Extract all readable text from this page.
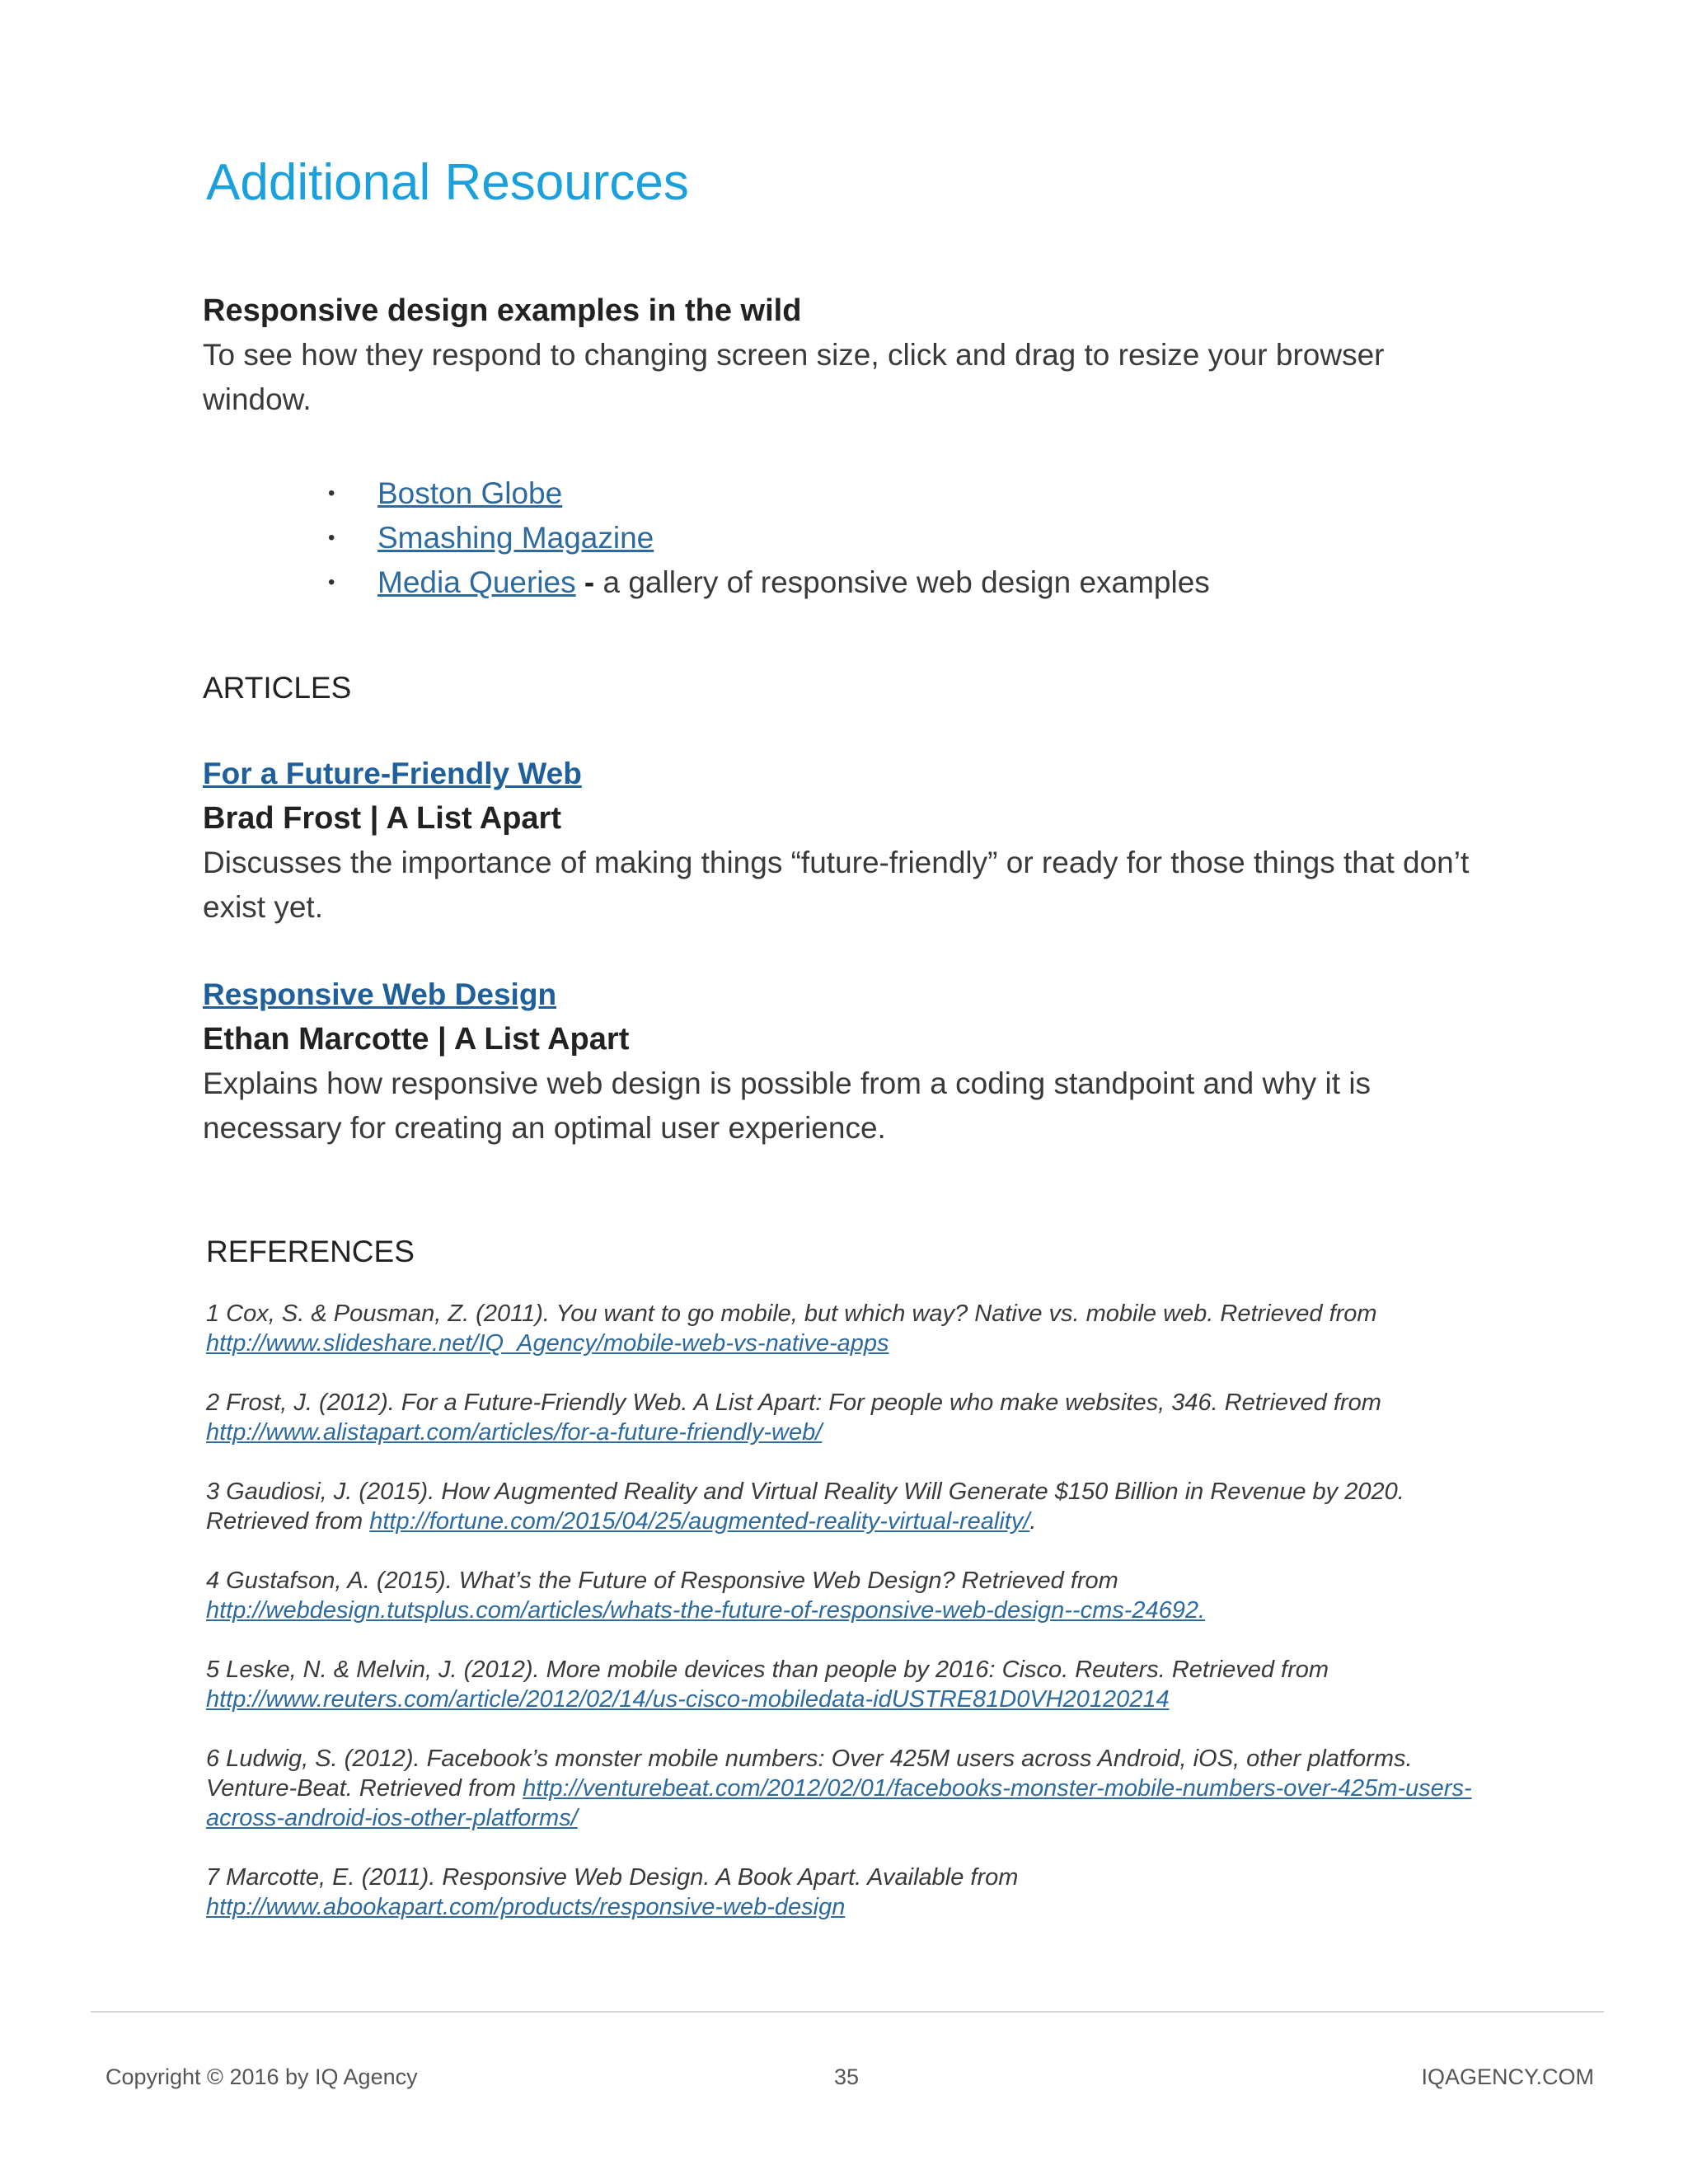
Additional Resources

Responsive design examples in the wild

To see how they respond to changing screen size, click and drag to resize your browser window.

• Boston Globe
• Smashing Magazine
• Media Queries - a gallery of responsive web design examples
ARTICLES

For a Future-Friendly Web

Brad Frost | A List Apart

Discusses the importance of making things “future-friendly” or ready for those things that don’t exist yet.

Responsive Web Design

Ethan Marcotte | A List Apart

Explains how responsive web design is possible from a coding standpoint and why it is necessary for creating an optimal user experience.

REFERENCES

1 Cox, S. & Pousman, Z. (2011). You want to go mobile, but which way? Native vs. mobile web. Retrieved from http://www.slideshare.net/IQ_Agency/mobile-web-vs-native-apps

2 Frost, J. (2012). For a Future-Friendly Web. A List Apart: For people who make websites, 346. Retrieved from http://www.alistapart.com/articles/for-a-future-friendly-web/

3 Gaudiosi, J. (2015). How Augmented Reality and Virtual Reality Will Generate $150 Billion in Revenue by 2020. Retrieved from http://fortune.com/2015/04/25/augmented-reality-virtual-reality/.

4 Gustafson, A. (2015). What’s the Future of Responsive Web Design? Retrieved from http://webdesign.tutsplus.com/articles/whats-the-future-of-responsive-web-design--cms-24692.

5 Leske, N. & Melvin, J. (2012). More mobile devices than people by 2016: Cisco. Reuters. Retrieved from http://www.reuters.com/article/2012/02/14/us-cisco-mobiledata-idUSTRE81D0VH20120214

6 Ludwig, S. (2012). Facebook’s monster mobile numbers: Over 425M users across Android, iOS, other platforms. Venture-Beat. Retrieved from http://venturebeat.com/2012/02/01/facebooks-monster-mobile-numbers-over-425m-users-across-android-ios-other-platforms/

7 Marcotte, E. (2011). Responsive Web Design. A Book Apart. Available from http://www.abookapart.com/products/responsive-web-design

Copyright © 2016 by IQ Agency	35	IQAGENCY.COM
